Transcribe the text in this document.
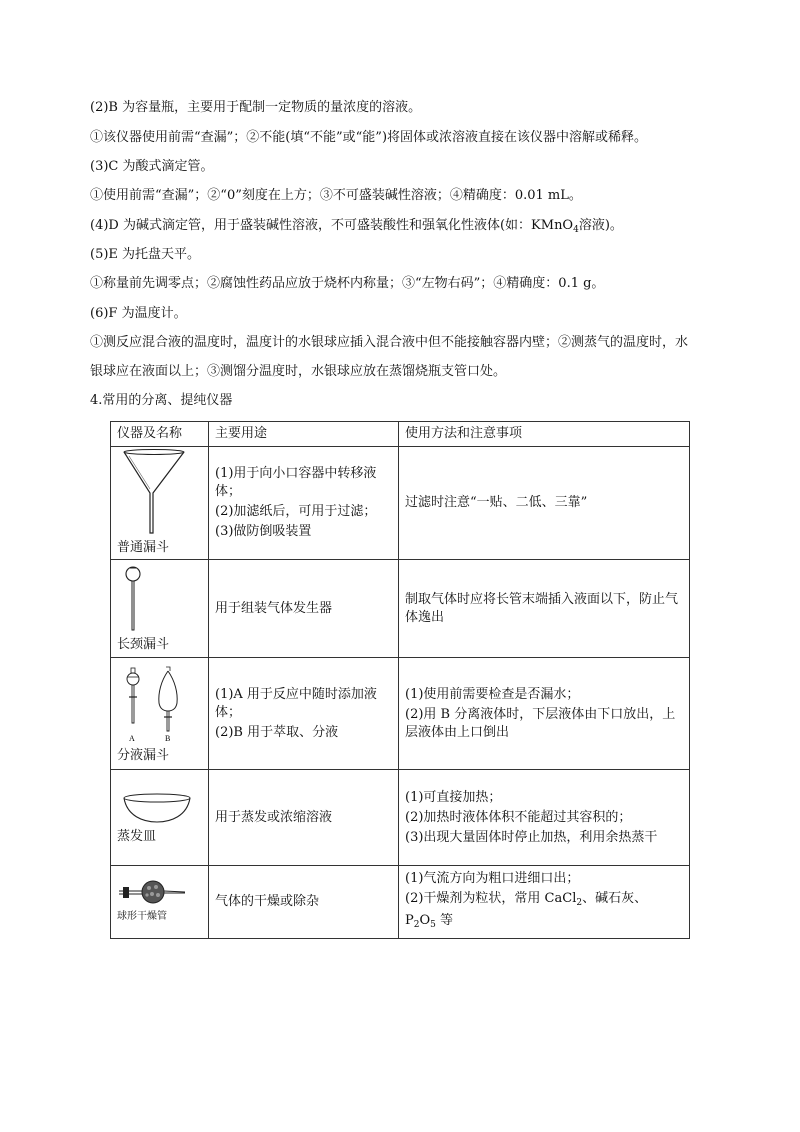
(2)B 为容量瓶，主要用于配制一定物质的量浓度的溶液。
①该仪器使用前需“查漏”；②不能(填“不能”或“能”)将固体或浓溶液直接在该仪器中溶解或稀释。
(3)C 为酸式滴定管。
①使用前需“查漏”；②“0”刻度在上方；③不可盛装碱性溶液；④精确度：0.01 mL。
(4)D 为碱式滴定管，用于盛装碱性溶液，不可盛装酸性和强氧化性液体(如：KMnO$_4$溶液)。
(5)E 为托盘天平。
①称量前先调零点；②腐蚀性药品应放于烧杯内称量；③“左物右码”；④精确度：0.1 g。
(6)F 为温度计。
①测反应混合液的温度时，温度计的水银球应插入混合液中但不能接触容器内壁；②测蒸气的温度时，水
银球应在液面以上；③测馏分温度时，水银球应放在蒸馏烧瓶支管口处。
4.常用的分离、提纯仪器
仪器及名称	主要用途	使用方法和注意事项

普通漏斗	(1)用于向小口容器中转移液体；
(2)加滤纸后，可用于过滤；
(3)做防倒吸装置	过滤时注意“一贴、二低、三靠”

长颈漏斗	用于组装气体发生器	制取气体时应将长管末端插入液面以下，防止气体逸出

A B
分液漏斗	(1)A 用于反应中随时添加液体；
(2)B 用于萃取、分液	(1)使用前需要检查是否漏水；
(2)用 B 分离液体时，下层液体由下口放出，上层液体由上口倒出

蒸发皿	用于蒸发或浓缩溶液	(1)可直接加热；
(2)加热时液体体积不能超过其容积的；
(3)出现大量固体时停止加热，利用余热蒸干

球形干燥管	气体的干燥或除杂	(1)气流方向为粗口进细口出；
(2)干燥剂为粒状，常用 CaCl$_2$、碱石灰、
$P_2O_5$ 等
